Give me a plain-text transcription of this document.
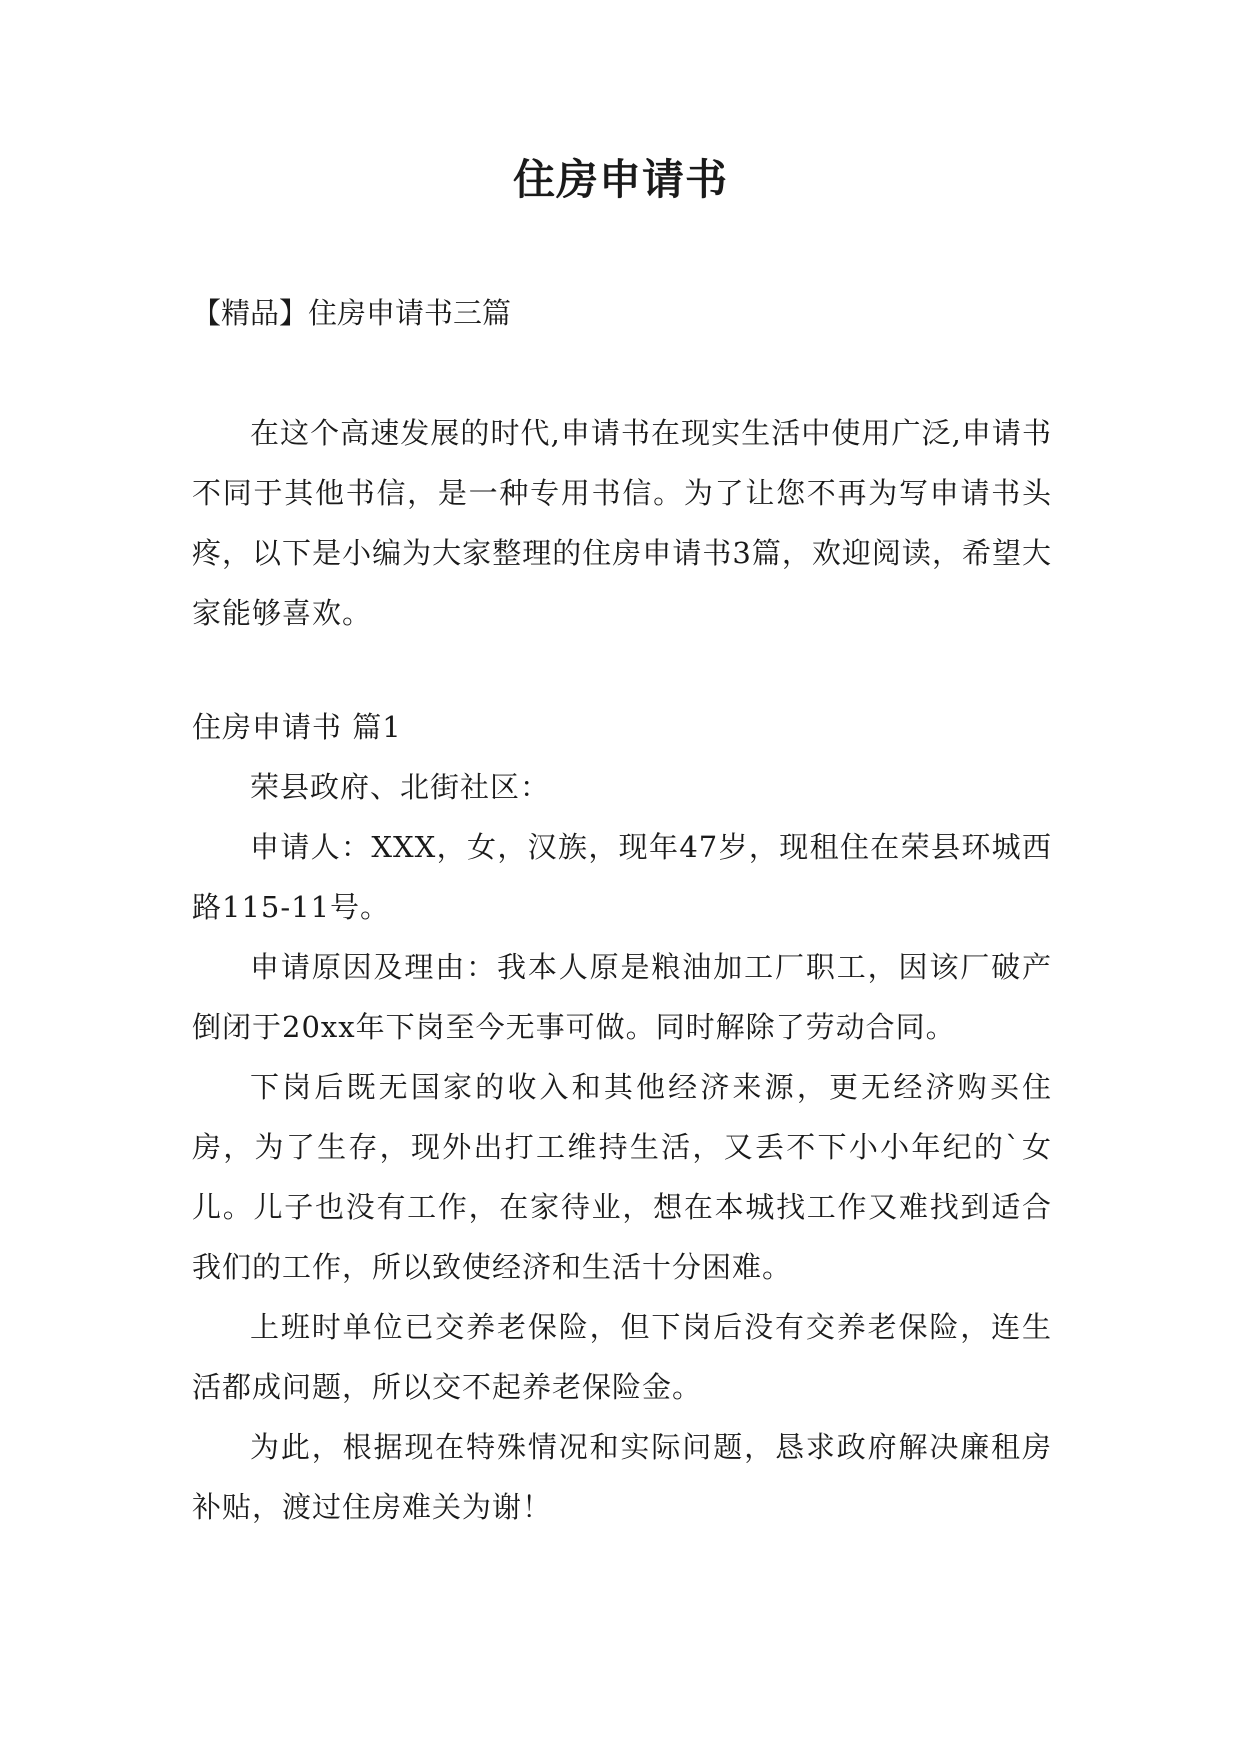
住房申请书
【精品】住房申请书三篇

在这个高速发展的时代,申请书在现实生活中使用广泛,申请书不同于其他书信，是一种专用书信。为了让您不再为写申请书头疼，以下是小编为大家整理的住房申请书3篇，欢迎阅读，希望大家能够喜欢。

住房申请书 篇1

荣县政府、北街社区：

申请人：XXX，女，汉族，现年47岁，现租住在荣县环城西路115-11号。

申请原因及理由：我本人原是粮油加工厂职工，因该厂破产倒闭于20xx年下岗至今无事可做。同时解除了劳动合同。

下岗后既无国家的收入和其他经济来源，更无经济购买住房，为了生存，现外出打工维持生活，又丢不下小小年纪的`女儿。儿子也没有工作，在家待业，想在本城找工作又难找到适合我们的工作，所以致使经济和生活十分困难。

上班时单位已交养老保险，但下岗后没有交养老保险，连生活都成问题，所以交不起养老保险金。

为此，根据现在特殊情况和实际问题，恳求政府解决廉租房补贴，渡过住房难关为谢！
